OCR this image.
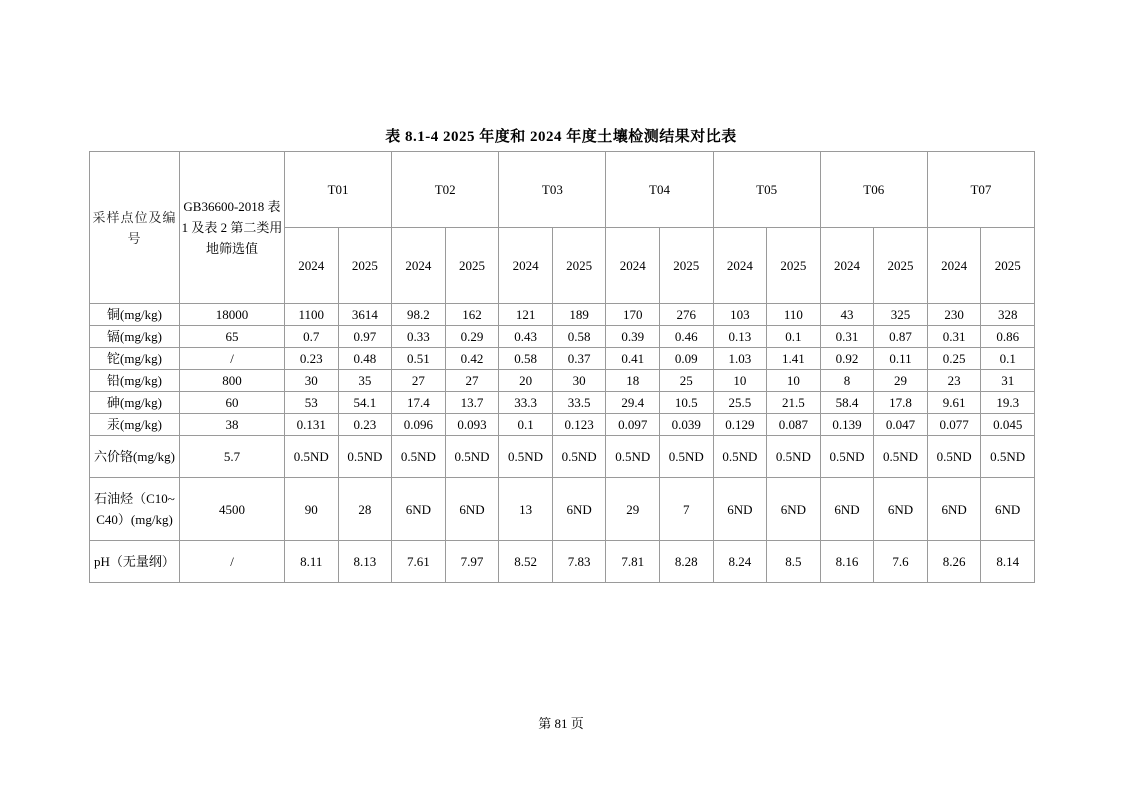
表 8.1-4 2025 年度和 2024 年度土壤检测结果对比表
采样点位及编号	GB36600-2018 表 1 及表 2 第二类用地筛选值	T01		T02		T03		T04		T05		T06		T07	
		2024	2025	2024	2025	2024	2025	2024	2025	2024	2025	2024	2025	2024	2025
铜(mg/kg)	18000	1100	3614	98.2	162	121	189	170	276	103	110	43	325	230	328
镉(mg/kg)	65	0.7	0.97	0.33	0.29	0.43	0.58	0.39	0.46	0.13	0.1	0.31	0.87	0.31	0.86
铊(mg/kg)	/	0.23	0.48	0.51	0.42	0.58	0.37	0.41	0.09	1.03	1.41	0.92	0.11	0.25	0.1
铅(mg/kg)	800	30	35	27	27	20	30	18	25	10	10	8	29	23	31
砷(mg/kg)	60	53	54.1	17.4	13.7	33.3	33.5	29.4	10.5	25.5	21.5	58.4	17.8	9.61	19.3
汞(mg/kg)	38	0.131	0.23	0.096	0.093	0.1	0.123	0.097	0.039	0.129	0.087	0.139	0.047	0.077	0.045
六价铬(mg/kg)	5.7	0.5ND	0.5ND	0.5ND	0.5ND	0.5ND	0.5ND	0.5ND	0.5ND	0.5ND	0.5ND	0.5ND	0.5ND	0.5ND	0.5ND
石油烃（C10~C40）(mg/kg)	4500	90	28	6ND	6ND	13	6ND	29	7	6ND	6ND	6ND	6ND	6ND	6ND
pH（无量纲）	/	8.11	8.13	7.61	7.97	8.52	7.83	7.81	8.28	8.24	8.5	8.16	7.6	8.26	8.14
第 81 页
